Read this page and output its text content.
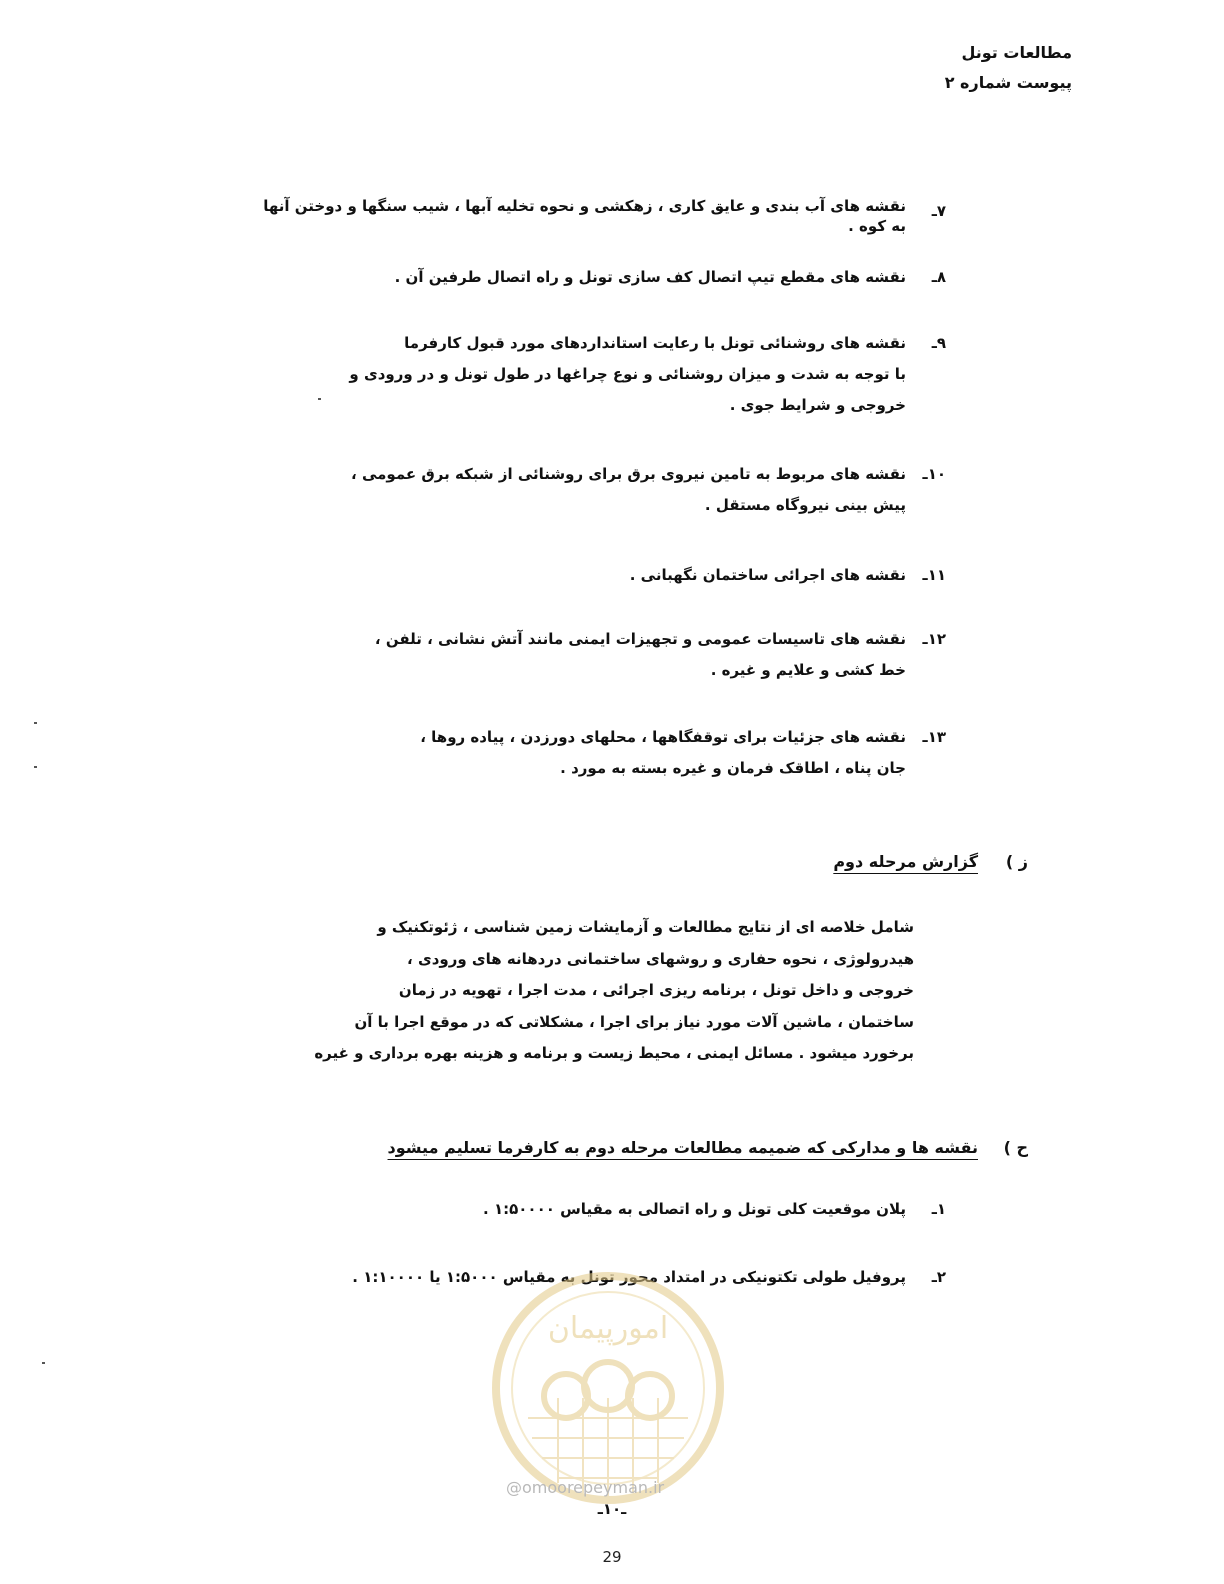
مطالعات تونل
پیوست شماره ۲
۷ـ
نقشه های آب بندی و عایق کاری ، زهکشی و نحوه تخلیه آبها ، شیب سنگها و دوختن آنها
به کوه .
۸ـ
نقشه های مقطع تیپ اتصال کف سازی تونل و راه اتصال طرفین آن .
۹ـ
نقشه های روشنائی تونل با رعایت استانداردهای مورد قبول کارفرما
با توجه به شدت و میزان روشنائی و نوع چراغها در طول تونل و در ورودی و
خروجی و شرایط جوی .
۱۰ـ
نقشه های مربوط به تامین نیروی برق برای روشنائی از شبکه برق عمومی ،
پیش بینی نیروگاه مستقل .
۱۱ـ
نقشه های اجرائی ساختمان نگهبانی .
۱۲ـ
نقشه های تاسیسات عمومی و تجهیزات ایمنی مانند آتش نشانی ، تلفن ،
خط کشی و علایم و غیره .
۱۳ـ
نقشه های جزئیات برای توقفگاهها ، محلهای دورزدن ، پیاده روها ،
جان پناه ، اطاقک فرمان و غیره بسته به مورد .
ز )
گزارش مرحله دوم
شامل خلاصه ای از نتایج مطالعات و آزمایشات زمین شناسی ، ژئوتکنیک و
هیدرولوژی ، نحوه حفاری و روشهای ساختمانی دردهانه های ورودی ،
خروجی و داخل تونل ، برنامه ریزی اجرائی ، مدت اجرا ، تهویه در زمان
ساختمان ، ماشین آلات مورد نیاز برای اجرا ، مشکلاتی که در موقع اجرا با آن
برخورد میشود . مسائل ایمنی ، محیط زیست و برنامه و هزینه بهره برداری و غیره
ح )
نقشه ها و مدارکی که ضمیمه مطالعات مرحله دوم به کارفرما تسلیم میشود
۱ـ
پلان موقعیت کلی تونل و راه اتصالی به مقیاس ۱:۵۰۰۰۰ .
۲ـ
پروفیل طولی تکتونیکی در امتداد محور تونل به مقیاس ۱:۵۰۰۰ یا ۱:۱۰۰۰۰ .
امورپیمان
@omoorepeyman.ir
ـ۱۰ـ
29
